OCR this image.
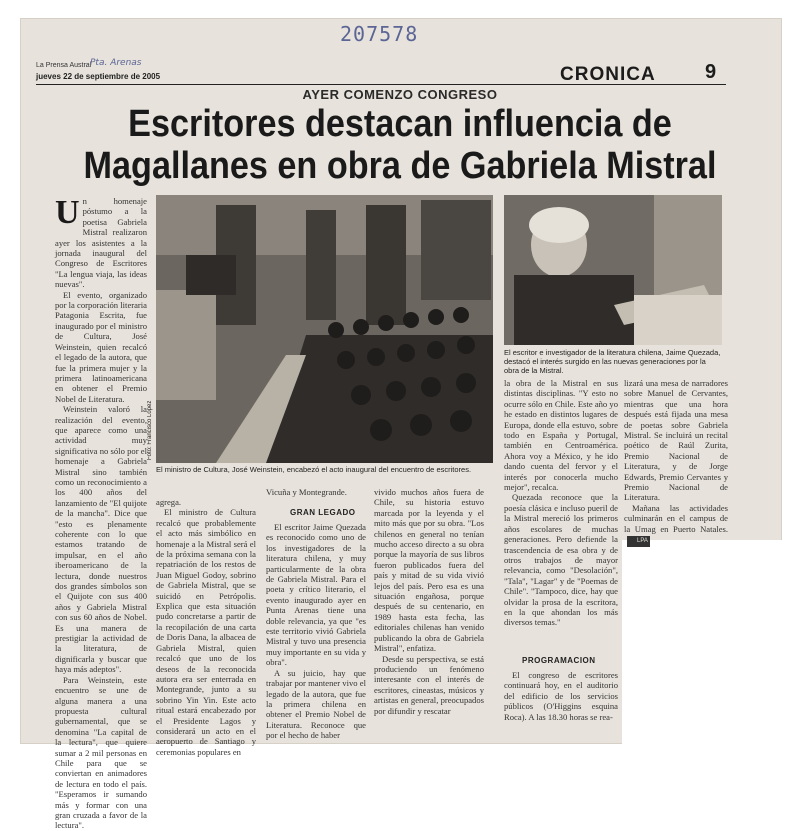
207578
La Prensa Austral
Pta. Arenas
jueves 22 de septiembre de 2005	CRONICA 9
AYER COMENZO CONGRESO
Escritores destacan influencia de Magallanes en obra de Gabriela Mistral
Foto: Francisco Lopez
El ministro de Cultura, José Weinstein, encabezó el acto inaugural del encuentro de escritores.
El escritor e investigador de la literatura chilena, Jaime Quezada, destacó el interés surgido en las nuevas generaciones por la obra de la Mistral.

Un homenaje póstumo a la poetisa Gabriela Mistral realizaron ayer los asistentes a la jornada inaugural del Congreso de Escritores "La lengua viaja, las ideas nuevas".

El evento, organizado por la corporación literaria Patagonia Escrita, fue inaugurado por el ministro de Cultura, José Weinstein, quien recalcó el legado de la autora, que fue la primera mujer y la primera latinoamericana en obtener el Premio Nobel de Literatura.

Weinstein valoró la realización del evento, que aparece como una actividad muy significativa no sólo por el homenaje a Gabriela Mistral sino también como un reconocimiento a los 400 años del lanzamiento de "El quijote de la mancha". Dice que "esto es plenamente coherente con lo que estamos tratando de impulsar, en el año iberoamericano de la lectura, donde nuestros dos grandes símbolos son el Quijote con sus 400 años y Gabriela Mistral con sus 60 años de Nobel. Es una manera de prestigiar la actividad de la literatura, de dignificarla y buscar que haya más adeptos".

Para Weinstein, este encuentro se une de alguna manera a una propuesta cultural gubernamental, que se denomina "La capital de la lectura", que quiere sumar a 2 mil personas en Chile para que se conviertan en animadores de lectura en todo el país. "Esperamos ir sumando más y formar con una gran cruzada a favor de la lectura".

agrega.

El ministro de Cultura recalcó que probablemente el acto más simbólico en homenaje a la Mistral será el de la próxima semana con la repatriación de los restos de Juan Miguel Godoy, sobrino de Gabriela Mistral, que se suicidó en Petrópolis. Explica que esta situación pudo concretarse a partir de la recopilación de una carta de Doris Dana, la albacea de Gabriela Mistral, quien recalcó que uno de los deseos de la reconocida autora era ser enterrada en Montegrande, junto a su sobrino Yin Yin. Este acto ritual estará encabezado por el Presidente Lagos y considerará un acto en el aeropuerto de Santiago y ceremonias populares en

Vicuña y Montegrande.

GRAN LEGADO

El escritor Jaime Quezada es reconocido como uno de los investigadores de la literatura chilena, y muy particularmente de la obra de Gabriela Mistral. Para el poeta y crítico literario, el evento inaugurado ayer en Punta Arenas tiene una doble relevancia, ya que "es este territorio vivió Gabriela Mistral y tuvo una presencia muy importante en su vida y obra".

A su juicio, hay que trabajar por mantener vivo el legado de la autora, que fue la primera chilena en obtener el Premio Nobel de Literatura. Reconoce que por el hecho de haber

vivido muchos años fuera de Chile, su historia estuvo marcada por la leyenda y el mito más que por su obra. "Los chilenos en general no tenían mucho acceso directo a su obra porque la mayoría de sus libros fueron publicados fuera del país y mitad de su vida vivió lejos del país. Pero esa es una situación engañosa, porque después de su centenario, en 1989 hasta esta fecha, las editoriales chilenas han venido publicando la obra de Gabriela Mistral", enfatiza.

Desde su perspectiva, se está produciendo un fenómeno interesante con el interés de escritores, cineastas, músicos y artistas en general, preocupados por difundir y rescatar

la obra de la Mistral en sus distintas disciplinas. "Y esto no ocurre sólo en Chile. Este año yo he estado en distintos lugares de Europa, donde ella estuvo, sobre todo en España y Portugal, también en Centroamérica. Ahora voy a México, y he ido dando cuenta del fervor y el interés por conocerla mucho mejor", recalca.

Quezada reconoce que la poesía clásica e incluso pueril de la Mistral mereció los primeros años escolares de muchas generaciones. Pero defiende la trascendencia de esa obra y de otros trabajos de mayor relevancia, como "Desolación", "Tala", "Lagar" y de "Poemas de Chile". "Tampoco, dice, hay que olvidar la prosa de la escritora, en la que ahondan los más diversos temas."

PROGRAMACION

El congreso de escritores continuará hoy, en el auditorio del edificio de los servicios públicos (O'Higgins esquina Roca). A las 18.30 horas se rea-

lizará una mesa de narradores sobre Manuel de Cervantes, mientras que una hora después está fijada una mesa de poetas sobre Gabriela Mistral. Se incluirá un recital poético de Raúl Zurita, Premio Nacional de Literatura, y de Jorge Edwards, Premio Cervantes y Premio Nacional de Literatura.

Mañana las actividades culminarán en el campus de la Umag en Puerto Natales.LPA
